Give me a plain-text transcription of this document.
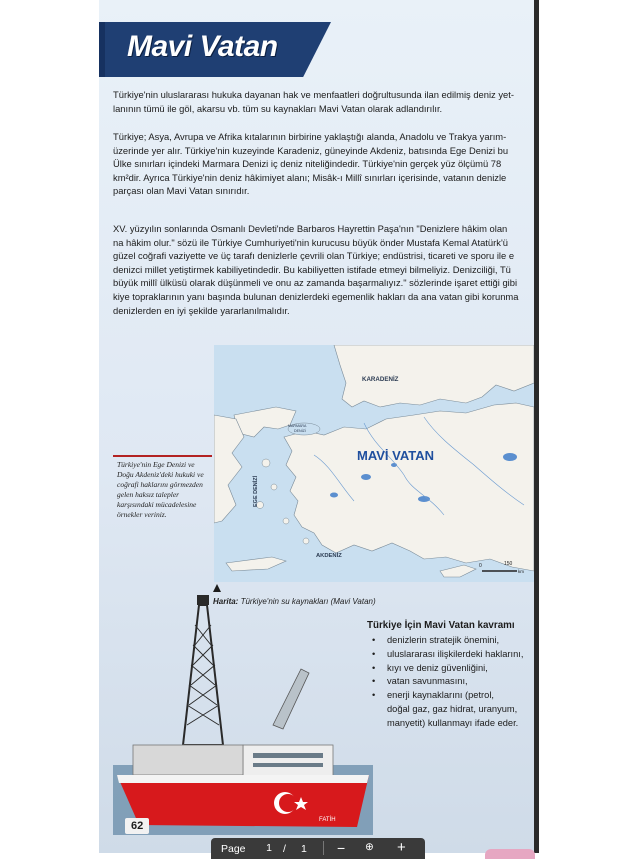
Mavi Vatan
Türkiye'nin uluslararası hukuka dayanan hak ve menfaatleri doğrultusunda ilan edilmiş deniz yet-
lanının tümü ile göl, akarsu vb. tüm su kaynakları Mavi Vatan olarak adlandırılır.
Türkiye; Asya, Avrupa ve Afrika kıtalarının birbirine yaklaştığı alanda, Anadolu ve Trakya yarım-
üzerinde yer alır. Türkiye'nin kuzeyinde Karadeniz, güneyinde Akdeniz, batısında Ege Denizi bu
Ülke sınırları içindeki Marmara Denizi iç deniz niteliğindedir. Türkiye'nin gerçek yüz ölçümü 78
km²dir. Ayrıca Türkiye'nin deniz hâkimiyet alanı; Misâk-ı Millî sınırları içerisinde, vatanın denizle
parçası olan Mavi Vatan sınırıdır.
XV. yüzyılın sonlarında Osmanlı Devleti'nde Barbaros Hayrettin Paşa'nın "Denizlere hâkim olan
na hâkim olur." sözü ile Türkiye Cumhuriyeti'nin kurucusu büyük önder Mustafa Kemal Atatürk'ü
güzel coğrafi vaziyette ve üç tarafı denizlerle çevrili olan Türkiye; endüstrisi, ticareti ve sporu ile e
denizci millet yetiştirmek kabiliyetindedir. Bu kabiliyetten istifade etmeyi bilmeliyiz. Denizciliği, Tü
büyük millî ülküsü olarak düşünmeli ve onu az zamanda başarmalıyız." sözlerinde işaret ettiği gibi
kiye topraklarının yanı başında bulunan denizlerdeki egemenlik hakları da ana vatan gibi korunma
denizlerden en iyi şekilde yararlanılmalıdır.
KARADENİZ
MARMARA
DENİZİ
EGE DENİZİ
AKDENİZ
MAVİ VATAN
0	150
km
Türkiye'nin Ege Denizi ve Doğu Akdeniz'deki hukuki ve coğrafi haklarını görmezden gelen haksız talepler karşısındaki mücadelesine örnekler veriniz.
Harita: Türkiye'nin su kaynakları (Mavi Vatan)
FATİH
Türkiye İçin Mavi Vatan kavramı
• denizlerin stratejik önemini,
• uluslararası ilişkilerdeki haklarını,
• kıyı ve deniz güvenliğini,
• vatan savunmasını,
• enerji kaynaklarını (petrol,
doğal gaz, gaz hidrat, uranyum,
manyetit) kullanmayı ifade eder.
62
Page
1	/ 1 − ⊕ +
